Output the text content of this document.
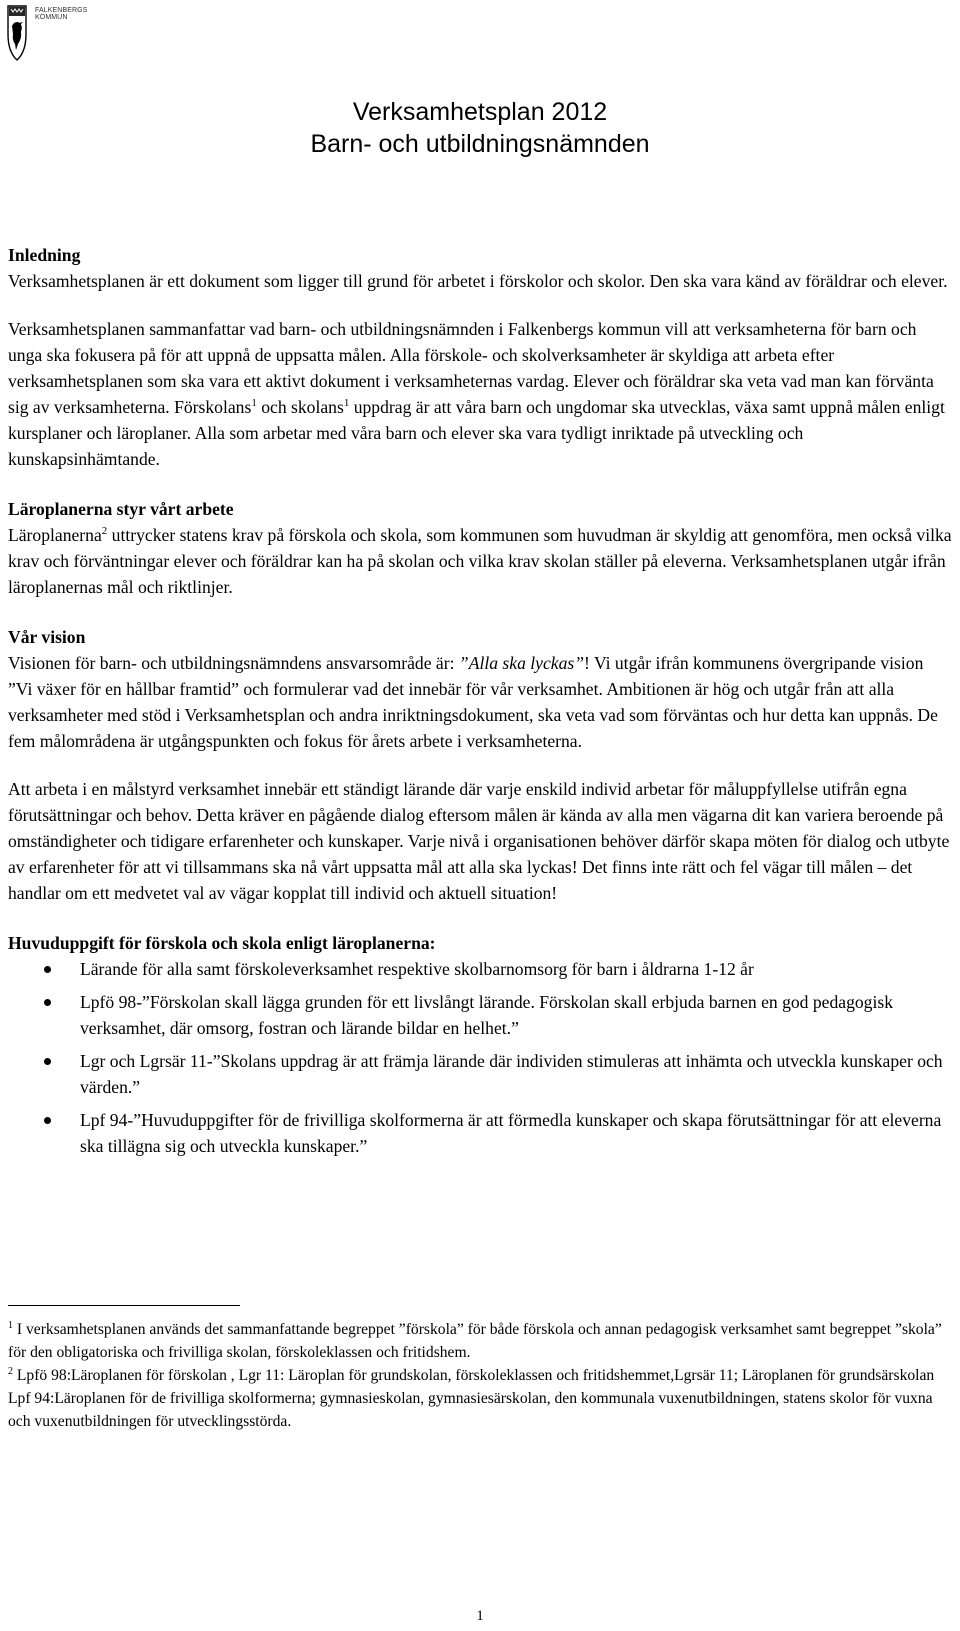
FALKENBERGS KOMMUN
Verksamhetsplan 2012
Barn- och utbildningsnämnden

Inledning

Verksamhetsplanen är ett dokument som ligger till grund för arbetet i förskolor och skolor. Den ska vara känd av föräldrar och elever.

Verksamhetsplanen sammanfattar vad barn- och utbildningsnämnden i Falkenbergs kommun vill att verksamheterna för barn och unga ska fokusera på för att uppnå de uppsatta målen. Alla förskole- och skolverksamheter är skyldiga att arbeta efter verksamhetsplanen som ska vara ett aktivt dokument i verksamheternas vardag. Elever och föräldrar ska veta vad man kan förvänta sig av verksamheterna. Förskolans$^1$ och skolans$^1$ uppdrag är att våra barn och ungdomar ska utvecklas, växa samt uppnå målen enligt kursplaner och läroplaner. Alla som arbetar med våra barn och elever ska vara tydligt inriktade på utveckling och kunskapsinhämtande.

Läroplanerna styr vårt arbete

Läroplanerna$^2$ uttrycker statens krav på förskola och skola, som kommunen som huvudman är skyldig att genomföra, men också vilka krav och förväntningar elever och föräldrar kan ha på skolan och vilka krav skolan ställer på eleverna. Verksamhetsplanen utgår ifrån läroplanernas mål och riktlinjer.

Vår vision

Visionen för barn- och utbildningsnämndens ansvarsområde är: ”Alla ska lyckas”! Vi utgår ifrån kommunens övergripande vision ”Vi växer för en hållbar framtid” och formulerar vad det innebär för vår verksamhet. Ambitionen är hög och utgår från att alla verksamheter med stöd i Verksamhetsplan och andra inriktningsdokument, ska veta vad som förväntas och hur detta kan uppnås. De fem målområdena är utgångspunkten och fokus för årets arbete i verksamheterna.

Att arbeta i en målstyrd verksamhet innebär ett ständigt lärande där varje enskild individ arbetar för måluppfyllelse utifrån egna förutsättningar och behov. Detta kräver en pågående dialog eftersom målen är kända av alla men vägarna dit kan variera beroende på omständigheter och tidigare erfarenheter och kunskaper. Varje nivå i organisationen behöver därför skapa möten för dialog och utbyte av erfarenheter för att vi tillsammans ska nå vårt uppsatta mål att alla ska lyckas! Det finns inte rätt och fel vägar till målen – det handlar om ett medvetet val av vägar kopplat till individ och aktuell situation!

Huvuduppgift för förskola och skola enligt läroplanerna:

Lärande för alla samt förskoleverksamhet respektive skolbarnomsorg för barn i åldrarna 1-12 år
Lpfö 98-”Förskolan skall lägga grunden för ett livslångt lärande. Förskolan skall erbjuda barnen en god pedagogisk verksamhet, där omsorg, fostran och lärande bildar en helhet.”
Lgr och Lgrsär 11-”Skolans uppdrag är att främja lärande där individen stimuleras att inhämta och utveckla kunskaper och värden.”
Lpf 94-”Huvuduppgifter för de frivilliga skolformerna är att förmedla kunskaper och skapa förutsättningar för att eleverna ska tillägna sig och utveckla kunskaper.”

$^1$ I verksamhetsplanen används det sammanfattande begreppet ”förskola” för både förskola och annan pedagogisk verksamhet samt begreppet ”skola” för den obligatoriska och frivilliga skolan, förskoleklassen och fritidshem.

$^2$ Lpfö 98:Läroplanen för förskolan , Lgr 11: Läroplan för grundskolan, förskoleklassen och fritidshemmet,Lgrsär 11; Läroplanen för grundsärskolan Lpf 94:Läroplanen för de frivilliga skolformerna; gymnasieskolan, gymnasiesärskolan, den kommunala vuxenutbildningen, statens skolor för vuxna och vuxenutbildningen för utvecklingsstörda.

1
